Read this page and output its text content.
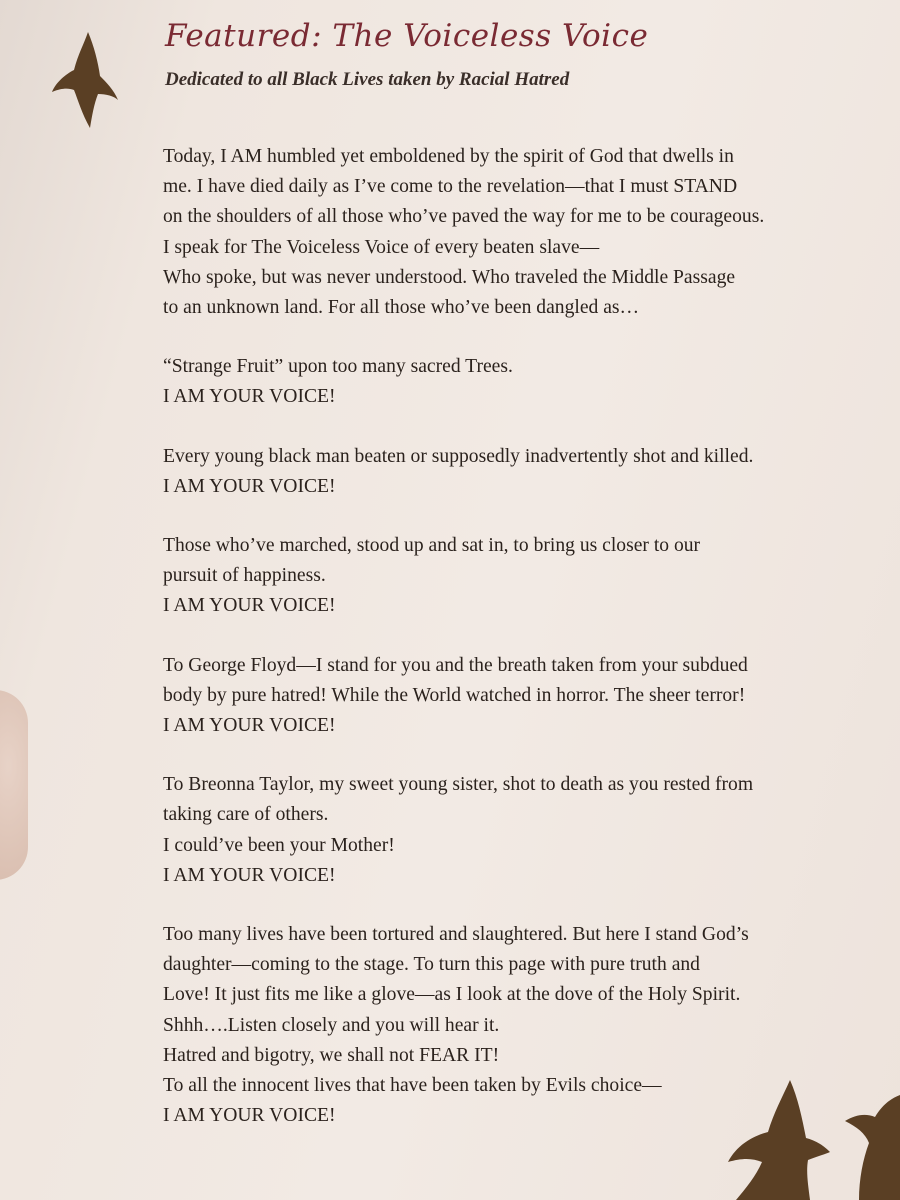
Featured: The Voiceless Voice
Dedicated to all Black Lives taken by Racial Hatred
Today, I AM humbled yet emboldened by the spirit of God that dwells in
me. I have died daily as I’ve come to the revelation—that I must STAND
on the shoulders of all those who’ve paved the way for me to be courageous.
I speak for The Voiceless Voice of every beaten slave—
Who spoke, but was never understood. Who traveled the Middle Passage
to an unknown land. For all those who’ve been dangled as…
“Strange Fruit” upon too many sacred Trees.
I AM YOUR VOICE!
Every young black man beaten or supposedly inadvertently shot and killed.
I AM YOUR VOICE!
Those who’ve marched, stood up and sat in, to bring us closer to our
pursuit of happiness.
I AM YOUR VOICE!
To George Floyd—I stand for you and the breath taken from your subdued
body by pure hatred! While the World watched in horror. The sheer terror!
I AM YOUR VOICE!
To Breonna Taylor, my sweet young sister, shot to death as you rested from
taking care of others.
I could’ve been your Mother!
I AM YOUR VOICE!
Too many lives have been tortured and slaughtered. But here I stand God’s
daughter—coming to the stage. To turn this page with pure truth and
Love! It just fits me like a glove—as I look at the dove of the Holy Spirit.
Shhh….Listen closely and you will hear it.
Hatred and bigotry, we shall not FEAR IT!
To all the innocent lives that have been taken by Evils choice—
I AM YOUR VOICE!
